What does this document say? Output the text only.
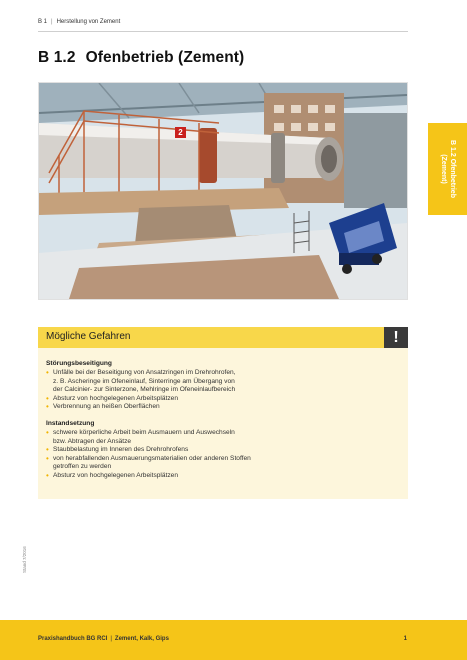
B 1 | Herstellung von Zement
B 1.2 Ofenbetrieb (Zement)
2
B 1.2 Ofenbetrieb
(Zement)
Mögliche Gefahren	!
Störungsbeseitigung
• Unfälle bei der Beseitigung von Ansatzringen im Drehrohrofen,
z. B. Ascheringe im Ofeneinlauf, Sinterringe am Übergang von
der Calcinier- zur Sinterzone, Mehlringe im Ofeneinlaufbereich
• Absturz von hochgelegenen Arbeitsplätzen
• Verbrennung an heißen Oberflächen
Instandsetzung
• schwere körperliche Arbeit beim Ausmauern und Auswechseln
bzw. Abtragen der Ansätze
• Staubbelastung im Inneren des Drehrohrofens
• von herabfallenden Ausmauerungsmaterialien oder anderen Stoffen
getroffen zu werden
• Absturz von hochgelegenen Arbeitsplätzen
Stand 7/2016
Praxishandbuch BG RCI | Zement, Kalk, Gips	1
